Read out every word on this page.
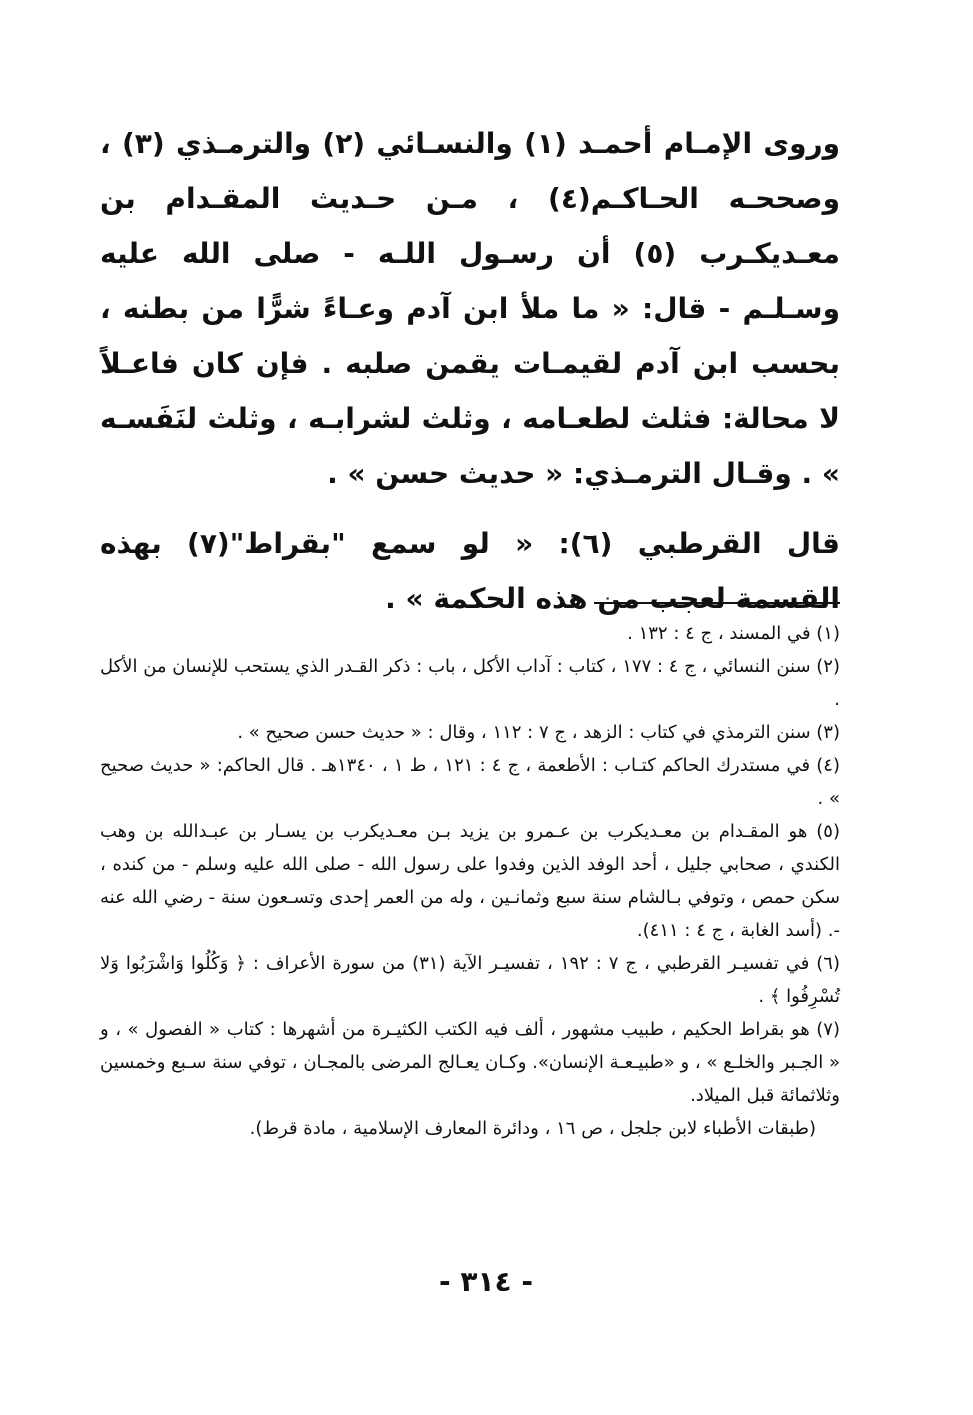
وروى الإمـام أحمـد (١) والنسـائي (٢) والترمـذي (٣) ، وصححـه الحـاكـم(٤) ، مـن حـديث المقـدام بن معـديكـرب (٥) أن رسـول اللـه - صلى الله عليه وسـلـم - قال: « ما ملأ ابن آدم وعـاءً شرًّا من بطنه ، بحسب ابن آدم لقيمـات يقمن صلبه . فإن كان فاعـلاً لا محالة: فثلث لطعـامه ، وثلث لشرابـه ، وثلث لنَفَسـه » . وقـال الترمـذي: « حديث حسن » .

قال القرطبي (٦): « لو سمع "بقراط"(٧) بهذه القسمة لعجب من هذه الحكمة » .

(١) في المسند ، ج ٤ : ١٣٢ .

(٢) سنن النسائي ، ج ٤ : ١٧٧ ، كتاب : آداب الأكل ، باب : ذكر القـدر الذي يستحب للإنسان من الأكل .

(٣) سنن الترمذي في كتاب : الزهد ، ج ٧ : ١١٢ ، وقال : « حديث حسن صحيح » .

(٤) في مستدرك الحاكم كتـاب : الأطعمة ، ج ٤ : ١٢١ ، ط ١ ، ١٣٤٠هـ . قال الحاكم: « حديث صحيح » .

(٥) هو المقـدام بن معـديكرب بن عـمرو بن يزيد بـن معـديكرب بن يسـار بن عبـدالله بن وهب الكندي ، صحابي جليل ، أحد الوفد الذين وفدوا على رسول الله - صلى الله عليه وسلم - من كنده ، سكن حمص ، وتوفي بـالشام سنة سبع وثمانـين ، وله من العمر إحدى وتسـعون سنة - رضي الله عنه -. (أسد الغابة ، ج ٤ : ٤١١).

(٦) في تفسيـر القرطبي ، ج ٧ : ١٩٢ ، تفسيـر الآية (٣١) من سورة الأعراف : ﴿ وَكُلُوا وَاشْرَبُوا وَلا تُسْرِفُوا ﴾ .

(٧) هو بقراط الحكيم ، طبيب مشهور ، ألف فيه الكتب الكثيـرة من أشهرها : كتاب « الفصول » ، و « الجـبر والخلـع » ، و «طبيـعـة الإنسان». وكـان يعـالج المرضى بالمجـان ، توفي سنة سـبع وخمسين وثلاثمائة قبل الميلاد.

(طبقات الأطباء لابن جلجل ، ص ١٦ ، ودائرة المعارف الإسلامية ، مادة قرط).

- ٣١٤ -
